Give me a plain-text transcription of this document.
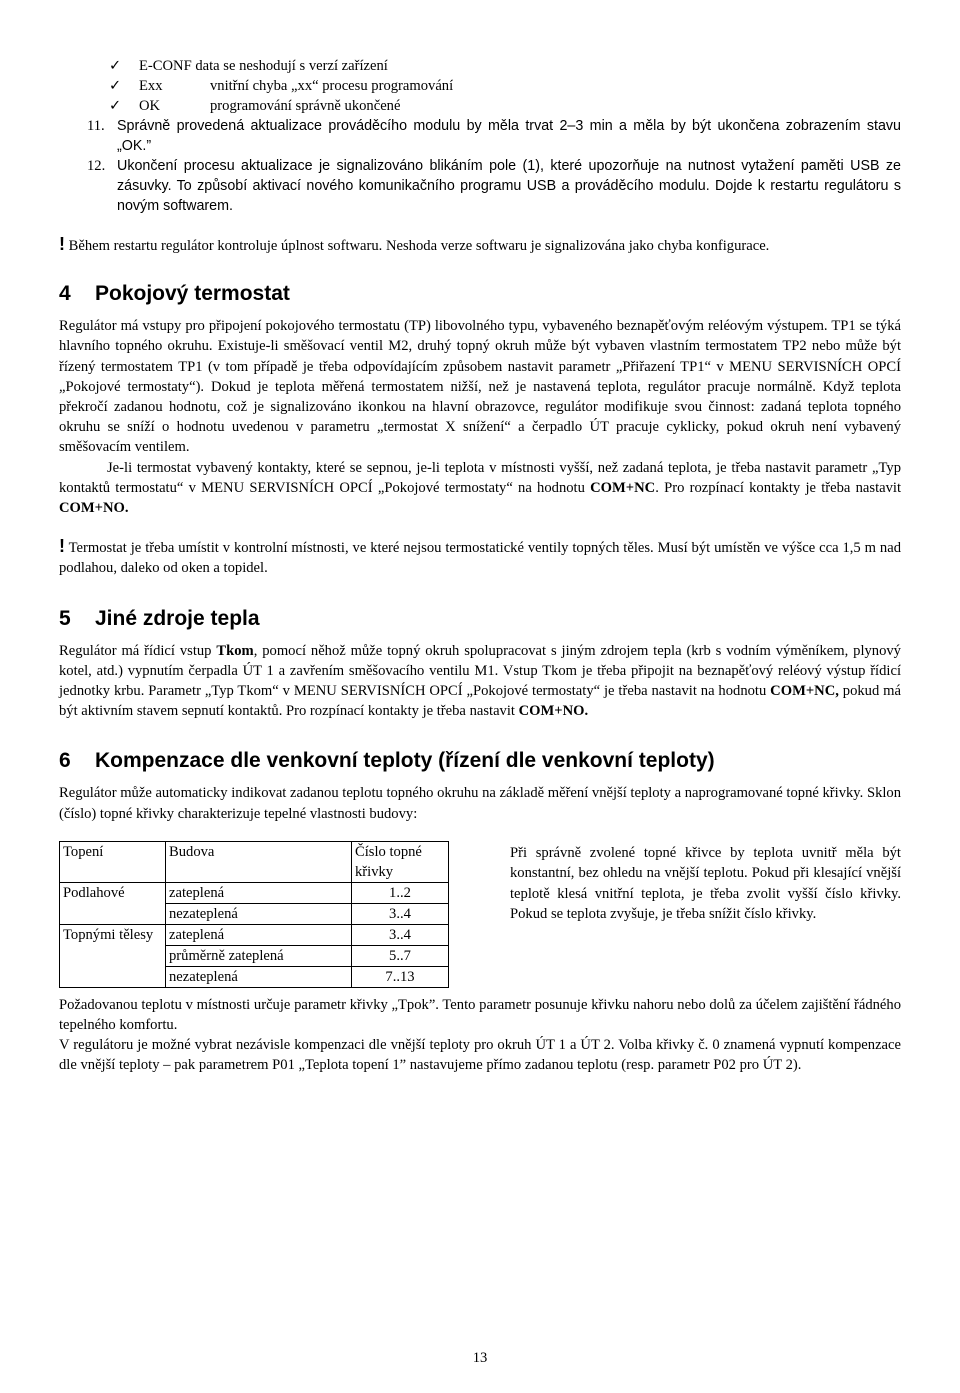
✓ E-CONF data se neshodují s verzí zařízení
✓ Exx	vnitřní chyba „xx“ procesu programování
✓ OK	programování správně ukončené
11. Správně provedená aktualizace prováděcího modulu by měla trvat 2–3 min a měla by být ukončena zobrazením stavu „OK.”
12. Ukončení procesu aktualizace je signalizováno blikáním pole (1), které upozorňuje na nutnost vytažení paměti USB ze zásuvky. To způsobí aktivací nového komunikačního programu USB a prováděcího modulu. Dojde k restartu regulátoru s novým softwarem.

! Během restartu regulátor kontroluje úplnost softwaru. Neshoda verze softwaru je signalizována jako chyba konfigurace.

4 Pokojový termostat

Regulátor má vstupy pro připojení pokojového termostatu (TP) libovolného typu, vybaveného beznapěťovým reléovým výstupem. TP1 se týká hlavního topného okruhu. Existuje-li směšovací ventil M2, druhý topný okruh může být vybaven vlastním termostatem TP2 nebo může být řízený termostatem TP1 (v tom případě je třeba odpovídajícím způsobem nastavit parametr „Přiřazení TP1“ v MENU SERVISNÍCH OPCÍ „Pokojové termostaty“). Dokud je teplota měřená termostatem nižší, než je nastavená teplota, regulátor pracuje normálně. Když teplota překročí zadanou hodnotu, což je signalizováno ikonkou na hlavní obrazovce, regulátor modifikuje svou činnost: zadaná teplota topného okruhu se sníží o hodnotu uvedenou v parametru „termostat X snížení“ a čerpadlo ÚT pracuje cyklicky, pokud okruh není vybavený směšovacím ventilem.

Je-li termostat vybavený kontakty, které se sepnou, je-li teplota v místnosti vyšší, než zadaná teplota, je třeba nastavit parametr „Typ kontaktů termostatu“ v MENU SERVISNÍCH OPCÍ „Pokojové termostaty“ na hodnotu COM+NC. Pro rozpínací kontakty je třeba nastavit COM+NO.

! Termostat je třeba umístit v kontrolní místnosti, ve které nejsou termostatické ventily topných těles. Musí být umístěn ve výšce cca 1,5 m nad podlahou, daleko od oken a topidel.

5 Jiné zdroje tepla

Regulátor má řídicí vstup Tkom, pomocí něhož může topný okruh spolupracovat s jiným zdrojem tepla (krb s vodním výměníkem, plynový kotel, atd.) vypnutím čerpadla ÚT 1 a zavřením směšovacího ventilu M1. Vstup Tkom je třeba připojit na beznapěťový reléový výstup řídicí jednotky krbu. Parametr „Typ Tkom“ v MENU SERVISNÍCH OPCÍ „Pokojové termostaty“ je třeba nastavit na hodnotu COM+NC, pokud má být aktivním stavem sepnutí kontaktů. Pro rozpínací kontakty je třeba nastavit COM+NO.

6 Kompenzace dle venkovní teploty (řízení dle venkovní teploty)

Regulátor může automaticky indikovat zadanou teplotu topného okruhu na základě měření vnější teploty a naprogramované topné křivky. Sklon (číslo) topné křivky charakterizuje tepelné vlastnosti budovy:

Topení	Budova	Číslo topné křivky
Podlahové	zateplená	1..2
	nezateplená	3..4
Topnými tělesy	zateplená	3..4
	průměrně zateplená	5..7
	nezateplená	7..13

Při správně zvolené topné křivce by teplota uvnitř měla být konstantní, bez ohledu na vnější teplotu. Pokud při klesající vnější teplotě klesá vnitřní teplota, je třeba zvolit vyšší číslo křivky. Pokud se teplota zvyšuje, je třeba snížit číslo křivky.

Požadovanou teplotu v místnosti určuje parametr křivky „Tpok”. Tento parametr posunuje křivku nahoru nebo dolů za účelem zajištění řádného tepelného komfortu.

V regulátoru je možné vybrat nezávisle kompenzaci dle vnější teploty pro okruh ÚT 1 a ÚT 2. Volba křivky č. 0 znamená vypnutí kompenzace dle vnější teploty – pak parametrem P01 „Teplota topení 1” nastavujeme přímo zadanou teplotu (resp. parametr P02 pro ÚT 2).

13
